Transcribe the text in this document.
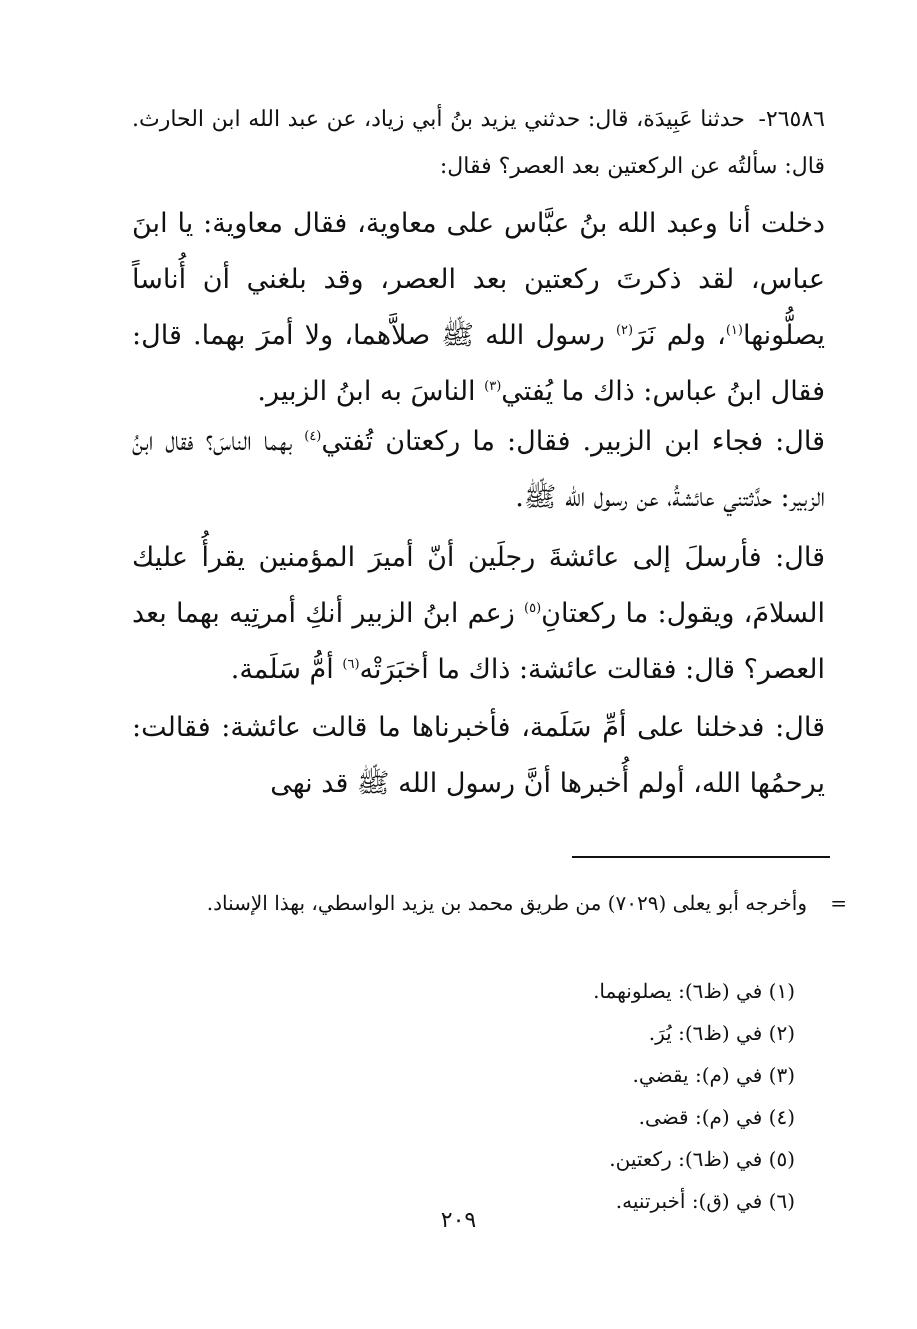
٢٦٥٨٦- حدثنا عَبِيدَة، قال: حدثني يزيد بنُ أبي زياد، عن عبد الله ابن الحارث. قال: سألتُه عن الركعتين بعد العصر؟ فقال:
دخلت أنا وعبد الله بنُ عبَّاس على معاوية، فقال معاوية: يا ابنَ عباس، لقد ذكرتَ ركعتين بعد العصر، وقد بلغني أن أُناساً يصلُّونها$^{(١)}$، ولم نَرَ$^{(٢)}$ رسول الله ﷺ صلاَّهما، ولا أمرَ بهما. قال: فقال ابنُ عباس: ذاك ما يُفتي$^{(٣)}$ الناسَ به ابنُ الزبير.
قال: فجاء ابن الزبير. فقال: ما ركعتان تُفتي$^{(٤)}$ بهما الناسَ؟ فقال ابنُ الزبير: حدَّثتني عائشةُ، عن رسول الله ﷺ.
قال: فأرسلَ إلى عائشةَ رجلَين أنّ أميرَ المؤمنين يقرأُ عليك السلامَ، ويقول: ما ركعتانِ$^{(٥)}$ زعم ابنُ الزبير أنكِ أمرتِيه بهما بعد العصر؟ قال: فقالت عائشة: ذاك ما أخبَرَتْه$^{(٦)}$ أمُّ سَلَمة.
قال: فدخلنا على أمِّ سَلَمة، فأخبرناها ما قالت عائشة: فقالت: يرحمُها الله، أولم أُخبرها أنَّ رسول الله ﷺ قد نهى
=
وأخرجه أبو يعلى (٧٠٢٩) من طريق محمد بن يزيد الواسطي، بهذا الإسناد.
(١) في (ظ٦): يصلونهما.
(٢) في (ظ٦): يُرَ.
(٣) في (م): يقضي.
(٤) في (م): قضى.
(٥) في (ظ٦): ركعتين.
(٦) في (ق): أخبرتنيه.
٢٠٩
